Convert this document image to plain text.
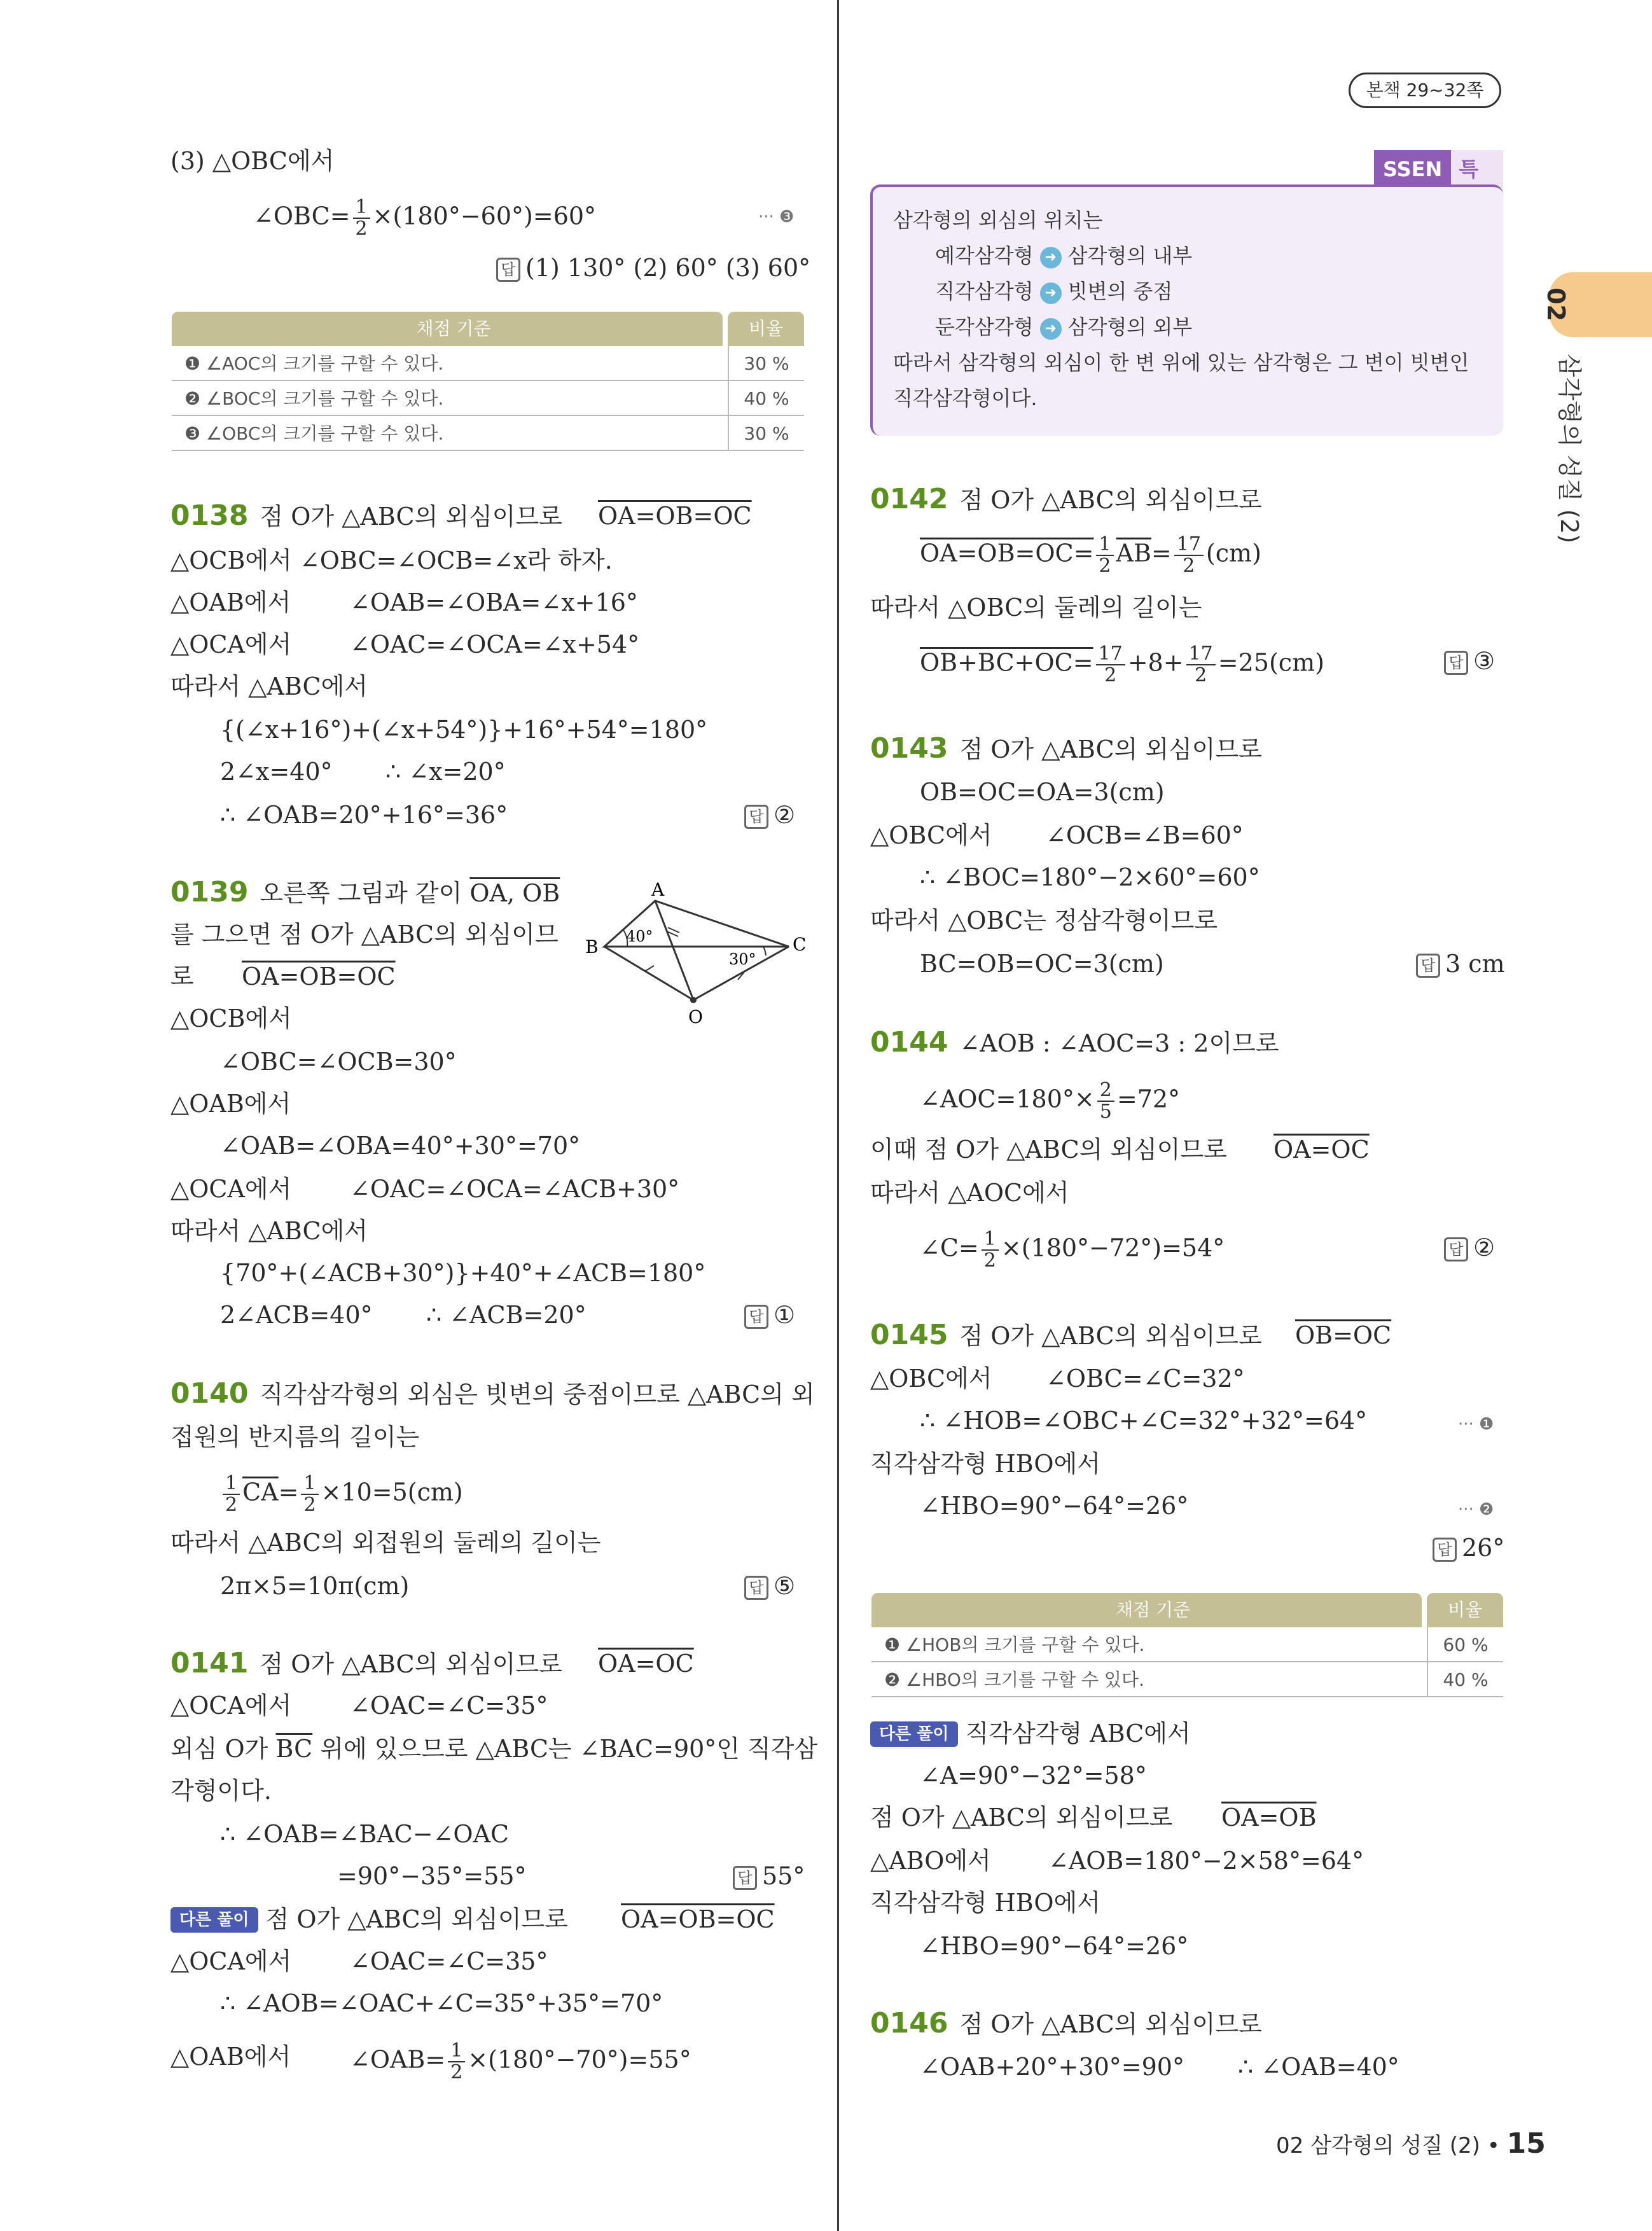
본책 29~32쪽
02
삼각형의 성질 (2)
(3) △OBC에서
∠OBC= $\frac{1}{2} \times(180^\circ-60^\circ)=60^\circ$	··· ❸
답 (1) 130° (2) 60° (3) 60°
채점 기준	비율
❶ ∠AOC의 크기를 구할 수 있다.	30 %
❷ ∠BOC의 크기를 구할 수 있다.	40 %
❸ ∠OBC의 크기를 구할 수 있다.	30 %
0138 점 O가 △ABC의 외심이므로 OA=OB=OC
△OCB에서 ∠OBC=∠OCB=∠x라 하자.
△OAB에서 ∠OAB=∠OBA=∠x+16°
△OCA에서 ∠OAC=∠OCA=∠x+54°
따라서 △ABC에서
{(∠x+16°)+(∠x+54°)}+16°+54°=180°
2∠x=40° ∴ ∠x=20°
∴ ∠OAB=20°+16°=36°	답 ②
0139 오른쪽 그림과 같이 OA, OB
를 그으면 점 O가 △ABC의 외심이므
로 OA=OB=OC
A
B	C
O
40°
30°
△OCB에서
∠OBC=∠OCB=30°
△OAB에서
∠OAB=∠OBA=40°+30°=70°
△OCA에서 ∠OAC=∠OCA=∠ACB+30°
따라서 △ABC에서
{70°+(∠ACB+30°)}+40°+∠ACB=180°
2∠ACB=40° ∴ ∠ACB=20°	답 ①
0140 직각삼각형의 외심은 빗변의 중점이므로 △ABC의 외
접원의 반지름의 길이는
$\frac{1}{2} \overline{CA}= \frac{1}{2} \times 10=5(cm)$
따라서 △ABC의 외접원의 둘레의 길이는
2π×5=10π(cm)	답 ⑤
0141 점 O가 △ABC의 외심이므로 OA=OC
△OCA에서 ∠OAC=∠C=35°
외심 O가 $\overline{BC}$ 위에 있으므로 △ABC는 ∠BAC=90°인 직각삼
각형이다.
∴ ∠OAB=∠BAC−∠OAC
=90°−35°=55°	답 55°
다른 풀이 점 O가 △ABC의 외심이므로 OA=OB=OC
△OCA에서 ∠OAC=∠C=35°
∴ ∠AOB=∠OAC+∠C=35°+35°=70°
△OAB에서 ∠OAB= $\frac{1}{2} \times(180^\circ-70^\circ)=55^\circ$
SSEN 특
삼각형의 외심의 위치는
예각삼각형 ➜ 삼각형의 내부
직각삼각형 ➜ 빗변의 중점
둔각삼각형 ➜ 삼각형의 외부
따라서 삼각형의 외심이 한 변 위에 있는 삼각형은 그 변이 빗변인
직각삼각형이다.
0142 점 O가 △ABC의 외심이므로
$OA=OB=OC= \frac{1}{2} \overline{AB}= \frac{17}{2} (cm)$
따라서 △OBC의 둘레의 길이는
$OB+BC+OC= \frac{17}{2} +8+ \frac{17}{2} =25(cm)$	답 ③
0143 점 O가 △ABC의 외심이므로
OB=OC=OA=3(cm)
△OBC에서 ∠OCB=∠B=60°
∴ ∠BOC=180°−2×60°=60°
따라서 △OBC는 정삼각형이므로
BC=OB=OC=3(cm)	답 3 cm
0144 ∠AOB : ∠AOC=3 : 2이므로
∠AOC=180°× $\frac{2}{5} =72^\circ$
이때 점 O가 △ABC의 외심이므로 OA=OC
따라서 △AOC에서
∠C= $\frac{1}{2} \times(180^\circ-72^\circ)=54^\circ$	답 ②
0145 점 O가 △ABC의 외심이므로 OB=OC
△OBC에서 ∠OBC=∠C=32°
∴ ∠HOB=∠OBC+∠C=32°+32°=64°	··· ❶
직각삼각형 HBO에서
∠HBO=90°−64°=26°	··· ❷
답 26°
채점 기준	비율
❶ ∠HOB의 크기를 구할 수 있다.	60 %
❷ ∠HBO의 크기를 구할 수 있다.	40 %
다른 풀이 직각삼각형 ABC에서
∠A=90°−32°=58°
점 O가 △ABC의 외심이므로 OA=OB
△ABO에서 ∠AOB=180°−2×58°=64°
직각삼각형 HBO에서
∠HBO=90°−64°=26°
0146 점 O가 △ABC의 외심이므로
∠OAB+20°+30°=90° ∴ ∠OAB=40°
02 삼각형의 성질 (2) • 15
